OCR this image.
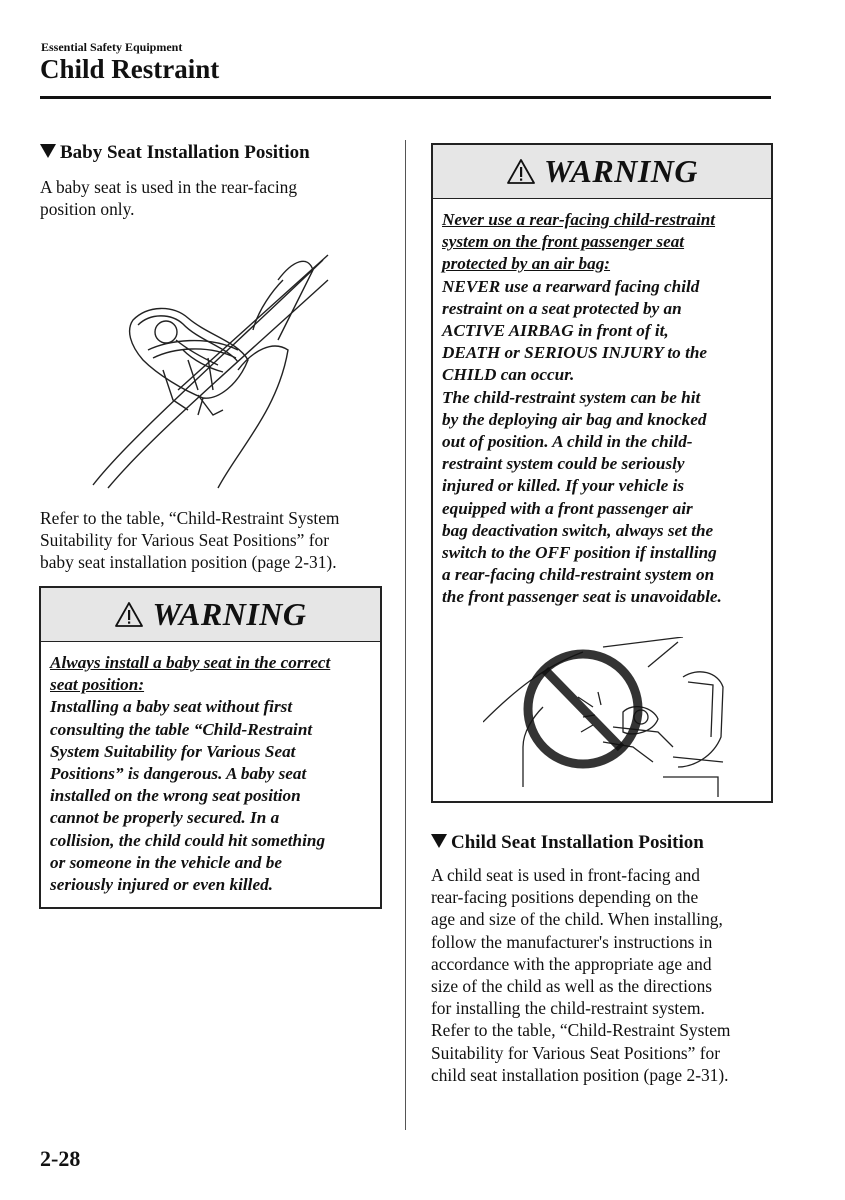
Essential Safety Equipment
Child Restraint
Baby Seat Installation Position
A baby seat is used in the rear-facing
position only.
Refer to the table, “Child-Restraint System
Suitability for Various Seat Positions” for
baby seat installation position (page 2-31).
WARNING
Always install a baby seat in the correct
seat position:
Installing a baby seat without first
consulting the table “Child-Restraint
System Suitability for Various Seat
Positions” is dangerous. A baby seat
installed on the wrong seat position
cannot be properly secured. In a
collision, the child could hit something
or someone in the vehicle and be
seriously injured or even killed.
WARNING
Never use a rear-facing child-restraint
system on the front passenger seat
protected by an air bag:
NEVER use a rearward facing child
restraint on a seat protected by an
ACTIVE AIRBAG in front of it,
DEATH or SERIOUS INJURY to the
CHILD can occur.
The child-restraint system can be hit
by the deploying air bag and knocked
out of position. A child in the child-
restraint system could be seriously
injured or killed. If your vehicle is
equipped with a front passenger air
bag deactivation switch, always set the
switch to the OFF position if installing
a rear-facing child-restraint system on
the front passenger seat is unavoidable.
Child Seat Installation Position
A child seat is used in front-facing and
rear-facing positions depending on the
age and size of the child. When installing,
follow the manufacturer's instructions in
accordance with the appropriate age and
size of the child as well as the directions
for installing the child-restraint system.
Refer to the table, “Child-Restraint System
Suitability for Various Seat Positions” for
child seat installation position (page 2-31).
2-28
